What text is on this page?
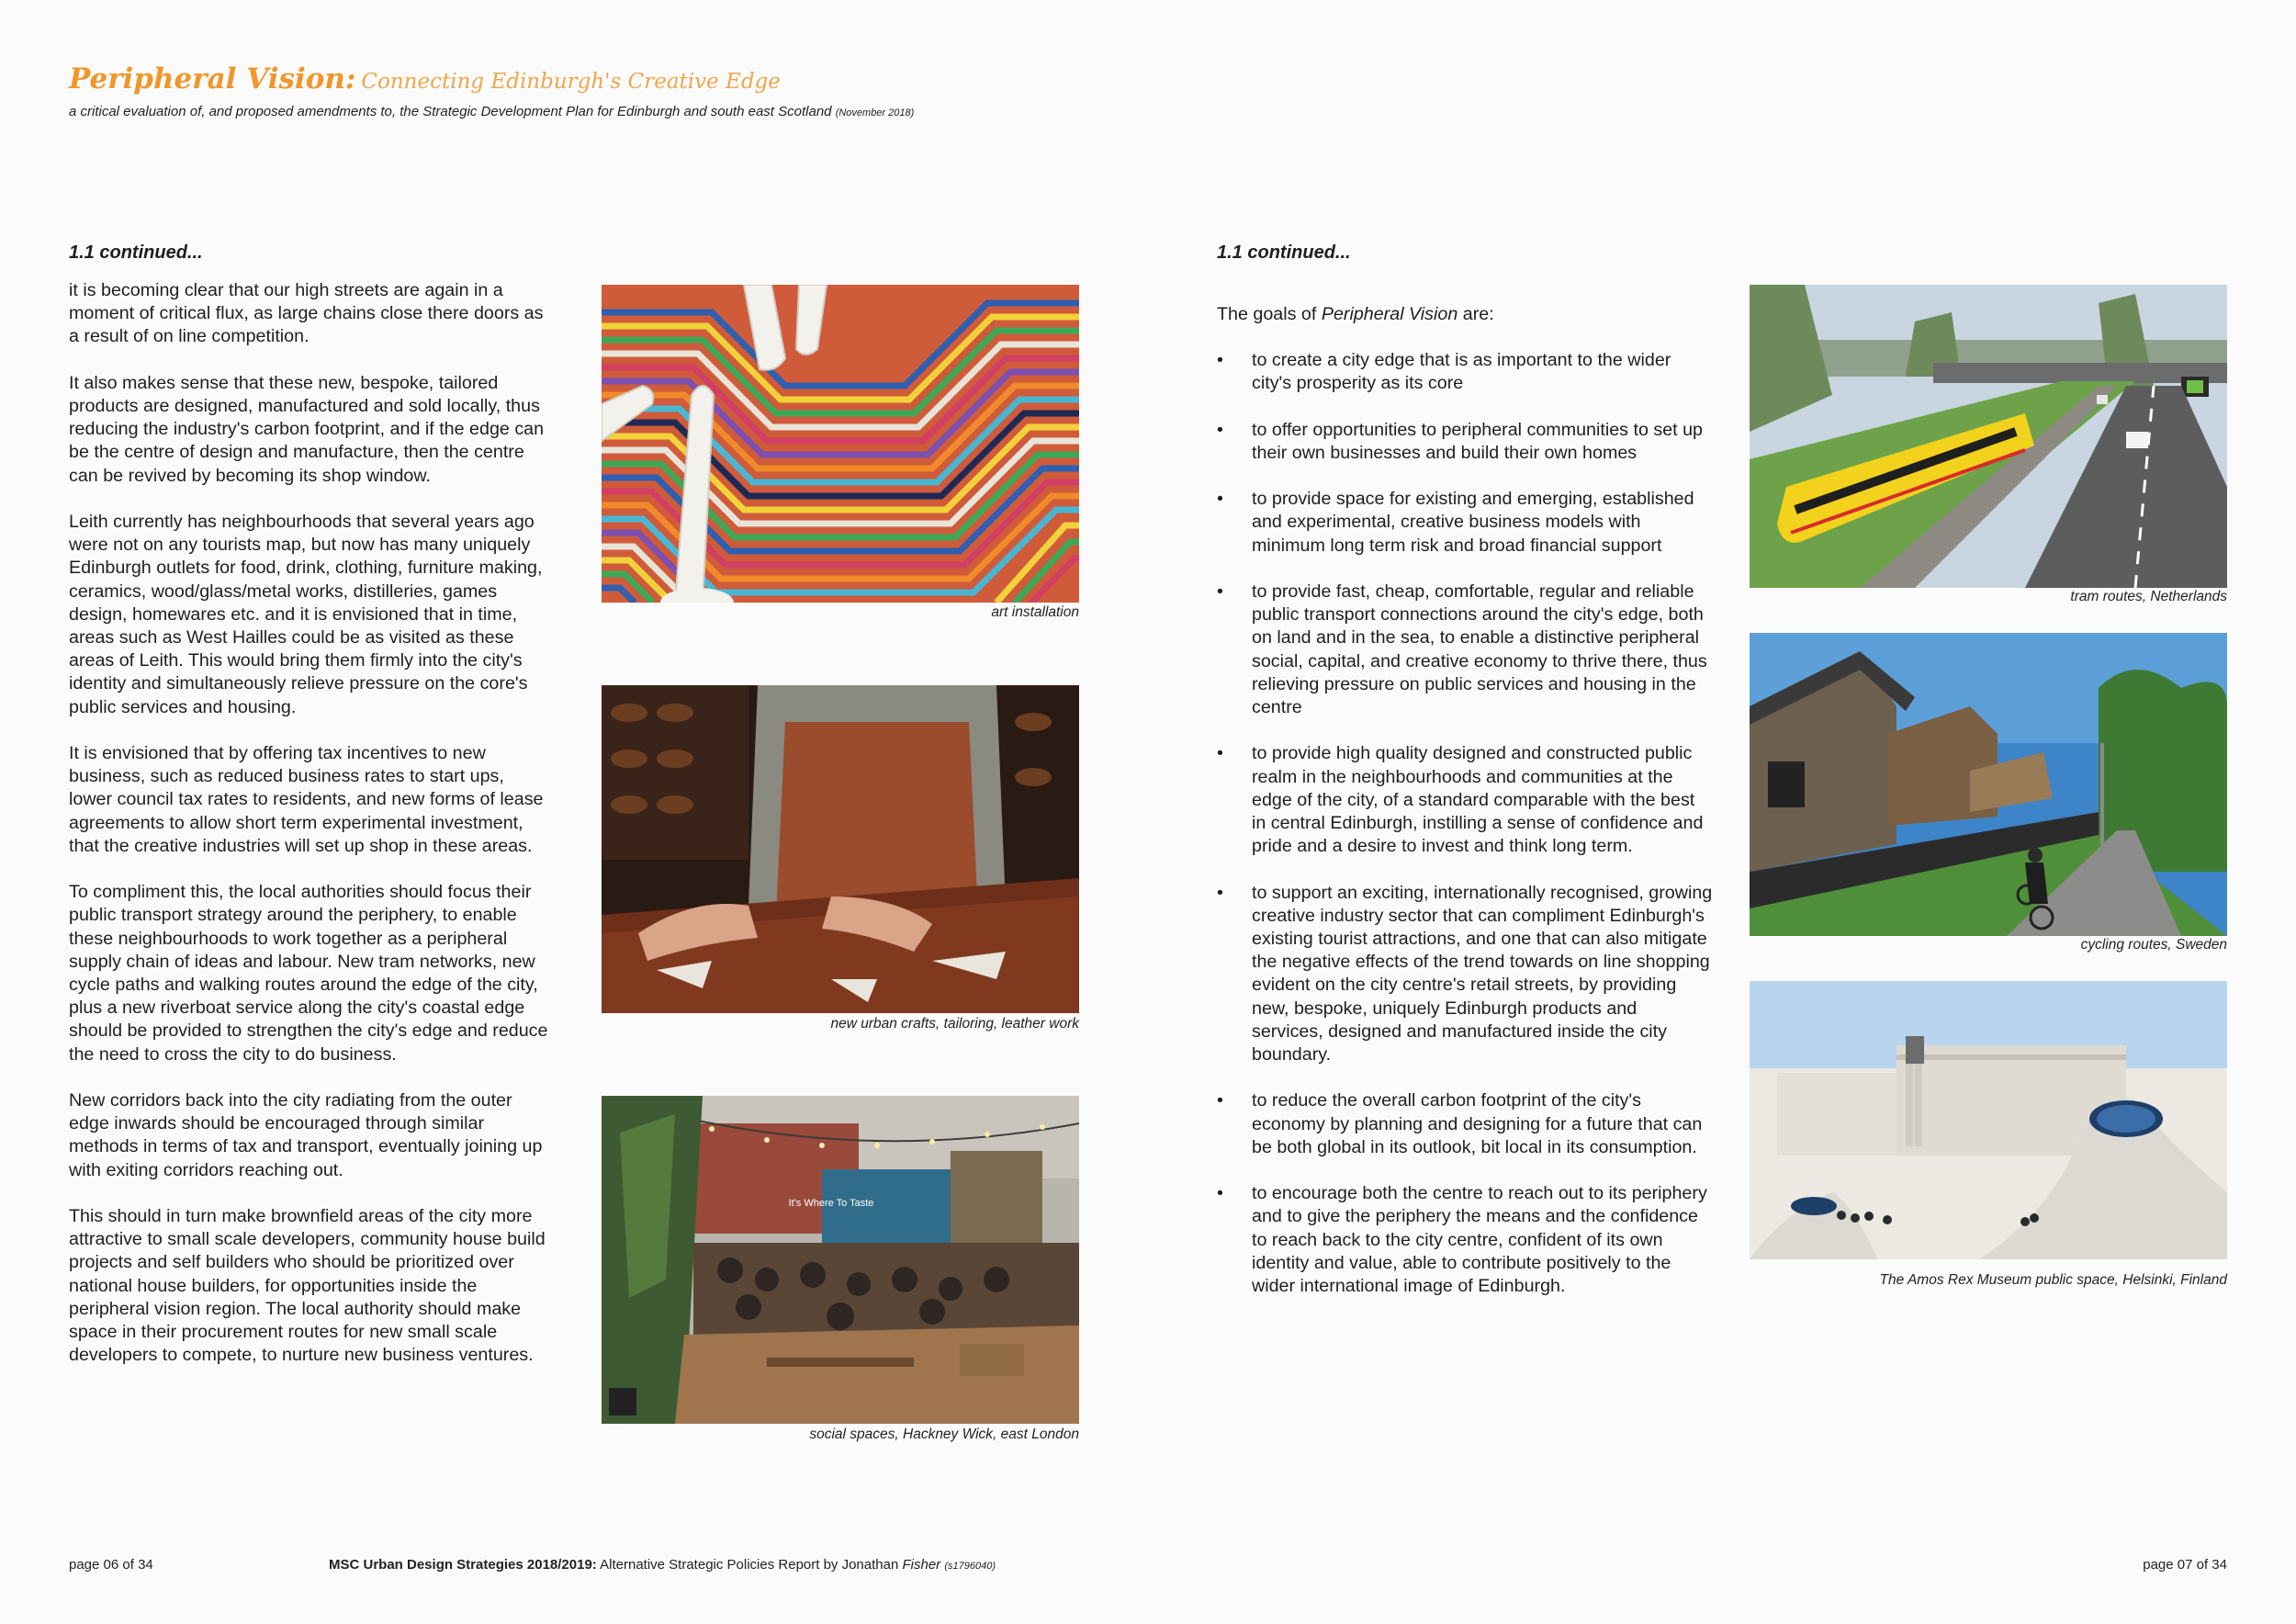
Peripheral Vision: Connecting Edinburgh's Creative Edge
a critical evaluation of, and proposed amendments to, the Strategic Development Plan for Edinburgh and south east Scotland (November 2018)
1.1 continued...

it is becoming clear that our high streets are again in a moment of critical flux, as large chains close there doors as a result of on line competition.

It also makes sense that these new, bespoke, tailored products are designed, manufactured and sold locally, thus reducing the industry's carbon footprint, and if the edge can be the centre of design and manufacture, then the centre can be revived by becoming its shop window.

Leith currently has neighbourhoods that several years ago were not on any tourists map, but now has many uniquely Edinburgh outlets for food, drink, clothing, furniture making, ceramics, wood/glass/metal works, distilleries, games design, homewares etc. and it is envisioned that in time, areas such as West Hailles could be as visited as these areas of Leith. This would bring them firmly into the city's identity and simultaneously relieve pressure on the core's public services and housing.

It is envisioned that by offering tax incentives to new business, such as reduced business rates to start ups, lower council tax rates to residents, and new forms of lease agreements to allow short term experimental investment, that the creative industries will set up shop in these areas.

To compliment this, the local authorities should focus their public transport strategy around the periphery, to enable these neighbourhoods to work together as a peripheral supply chain of ideas and labour. New tram networks, new cycle paths and walking routes around the edge of the city, plus a new riverboat service along the city's coastal edge should be provided to strengthen the city's edge and reduce the need to cross the city to do business.

New corridors back into the city radiating from the outer edge inwards should be encouraged through similar methods in terms of tax and transport, eventually joining up with exiting corridors reaching out.

This should in turn make brownfield areas of the city more attractive to small scale developers, community house build projects and self builders who should be prioritized over national house builders, for opportunities inside the peripheral vision region. The local authority should make space in their procurement routes for new small scale developers to compete, to nurture new business ventures.

art installation
new urban crafts, tailoring, leather work
It's Where To Taste
social spaces, Hackney Wick, east London
1.1 continued...
The goals of Peripheral Vision are:
• to create a city edge that is as important to the wider city's prosperity as its core
• to offer opportunities to peripheral communities to set up their own businesses and build their own homes
• to provide space for existing and emerging, established and experimental, creative business models with minimum long term risk and broad financial support
• to provide fast, cheap, comfortable, regular and reliable public transport connections around the city's edge, both on land and in the sea, to enable a distinctive peripheral social, capital, and creative economy to thrive there, thus relieving pressure on public services and housing in the centre
• to provide high quality designed and constructed public realm in the neighbourhoods and communities at the edge of the city, of a standard comparable with the best in central Edinburgh, instilling a sense of confidence and pride and a desire to invest and think long term.
• to support an exciting, internationally recognised, growing creative industry sector that can compliment Edinburgh's existing tourist attractions, and one that can also mitigate the negative effects of the trend towards on line shopping evident on the city centre's retail streets, by providing new, bespoke, uniquely Edinburgh products and services, designed and manufactured inside the city boundary.
• to reduce the overall carbon footprint of the city's economy by planning and designing for a future that can be both global in its outlook, bit local in its consumption.
• to encourage both the centre to reach out to its periphery and to give the periphery the means and the confidence to reach back to the city centre, confident of its own identity and value, able to contribute positively to the wider international image of Edinburgh.
tram routes, Netherlands
cycling routes, Sweden
The Amos Rex Museum public space, Helsinki, Finland
page 06 of 34	MSC Urban Design Strategies 2018/2019: Alternative Strategic Policies Report by Jonathan Fisher (s1796040)	page 07 of 34
